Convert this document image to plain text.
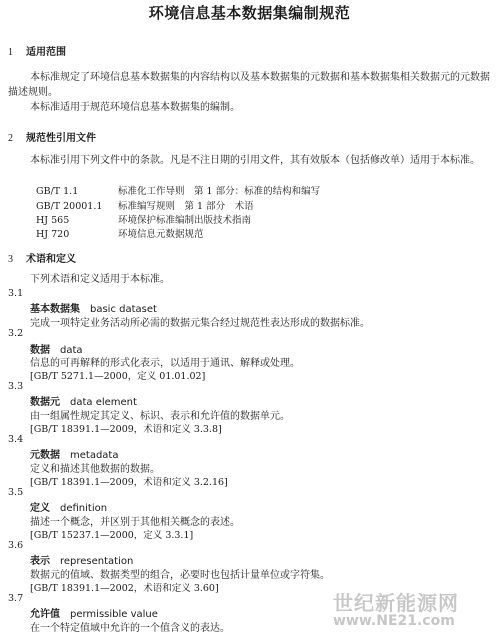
环境信息基本数据集编制规范
1 适用范围
本标准规定了环境信息基本数据集的内容结构以及基本数据集的元数据和基本数据集相关数据元的元数据描述规则。
本标准适用于规范环境信息基本数据集的编制。
2 规范性引用文件
本标准引用下列文件中的条款。凡是不注日期的引用文件，其有效版本（包括修改单）适用于本标准。
GB/T 1.1	标准化工作导则　第 1 部分：标准的结构和编写
GB/T 20001.1 标准编写规则　第 1 部分　术语
HJ 565	环境保护标准编制出版技术指南
HJ 720	环境信息元数据规范
3 术语和定义
下列术语和定义适用于本标准。
3.1
基本数据集 basic dataset
完成一项特定业务活动所必需的数据元集合经过规范性表达形成的数据标准。
3.2
数据 data
信息的可再解释的形式化表示，以适用于通讯、解释或处理。
[GB/T 5271.1—2000，定义 01.01.02]
3.3
数据元 data element
由一组属性规定其定义、标识、表示和允许值的数据单元。
[GB/T 18391.1—2009，术语和定义 3.3.8]
3.4
元数据 metadata
定义和描述其他数据的数据。
[GB/T 18391.1—2009，术语和定义 3.2.16]
3.5
定义 definition
描述一个概念，并区别于其他相关概念的表述。
[GB/T 15237.1—2000，定义 3.3.1]
3.6
表示 representation
数据元的值域、数据类型的组合，必要时也包括计量单位或字符集。
[GB/T 18391.1—2002，术语和定义 3.60]
3.7
允许值 permissible value
在一个特定值域中允许的一个值含义的表达。
世纪新能源网
www.NE21.com
